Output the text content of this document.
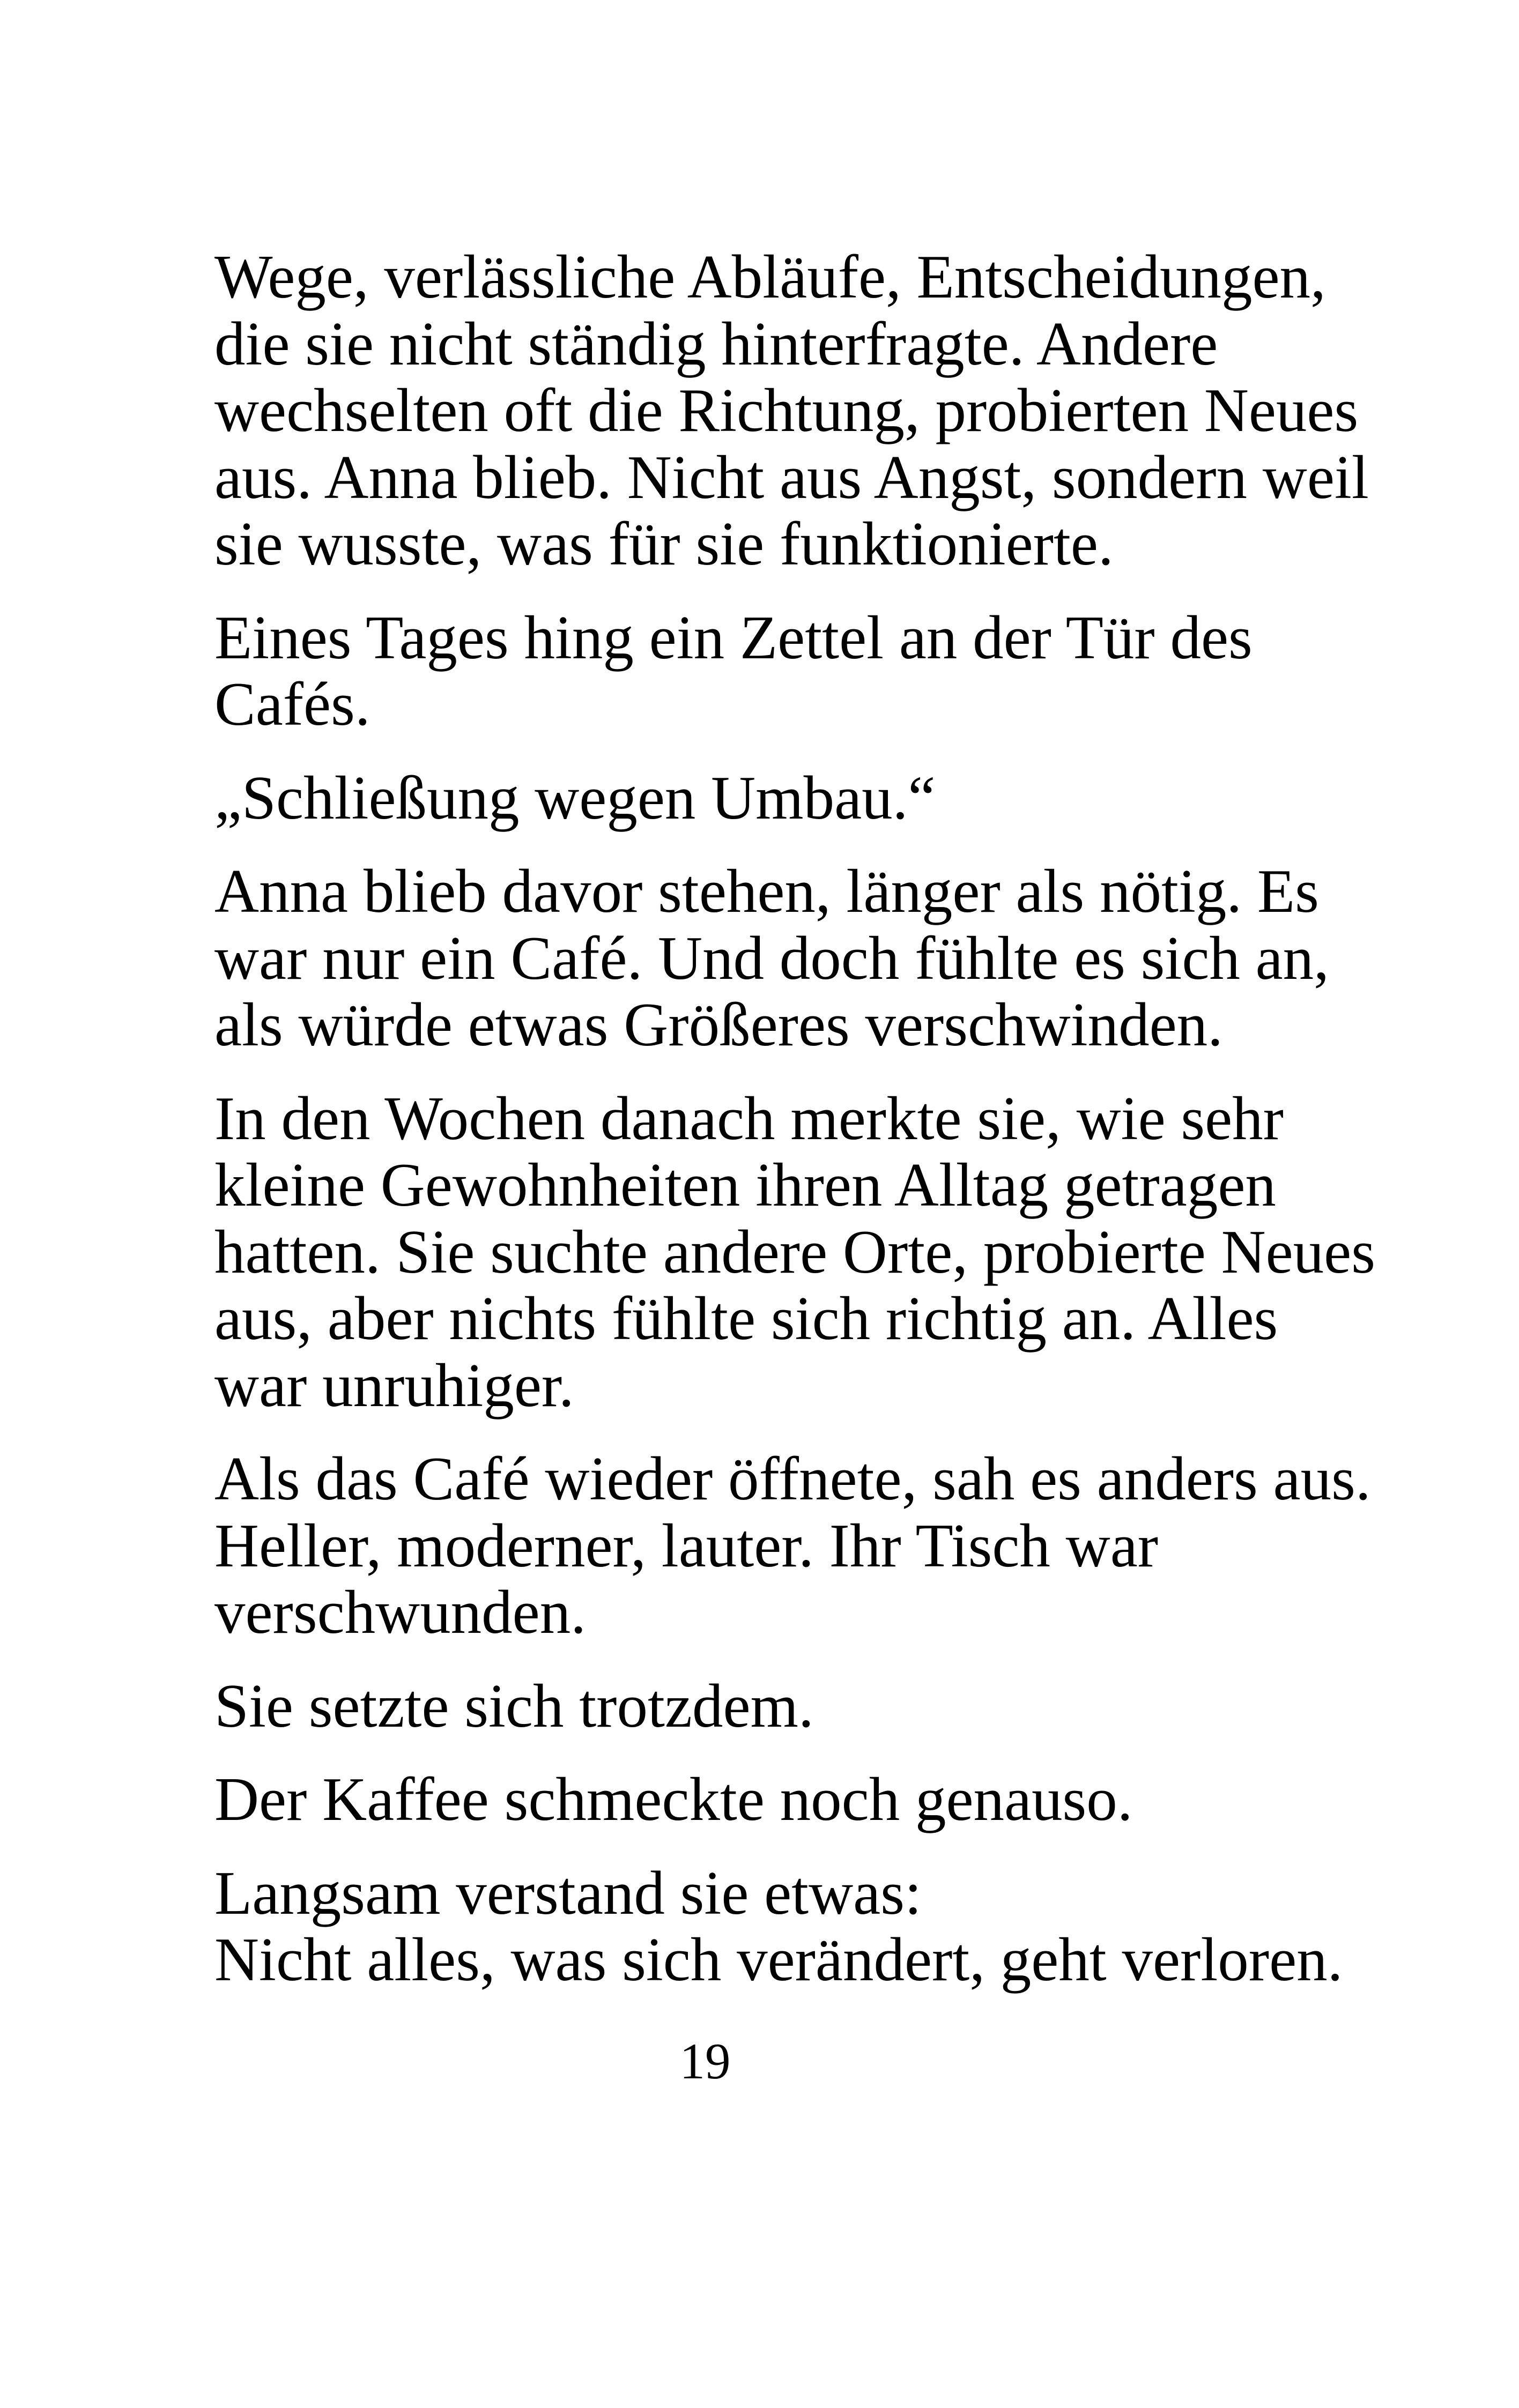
Wege, verlässliche Abläufe, Entscheidungen,
die sie nicht ständig hinterfragte. Andere
wechselten oft die Richtung, probierten Neues
aus. Anna blieb. Nicht aus Angst, sondern weil
sie wusste, was für sie funktionierte.

Eines Tages hing ein Zettel an der Tür des
Cafés.

„Schließung wegen Umbau.“

Anna blieb davor stehen, länger als nötig. Es
war nur ein Café. Und doch fühlte es sich an,
als würde etwas Größeres verschwinden.

In den Wochen danach merkte sie, wie sehr
kleine Gewohnheiten ihren Alltag getragen
hatten. Sie suchte andere Orte, probierte Neues
aus, aber nichts fühlte sich richtig an. Alles
war unruhiger.

Als das Café wieder öffnete, sah es anders aus.
Heller, moderner, lauter. Ihr Tisch war
verschwunden.

Sie setzte sich trotzdem.

Der Kaffee schmeckte noch genauso.

Langsam verstand sie etwas:
Nicht alles, was sich verändert, geht verloren.

19
